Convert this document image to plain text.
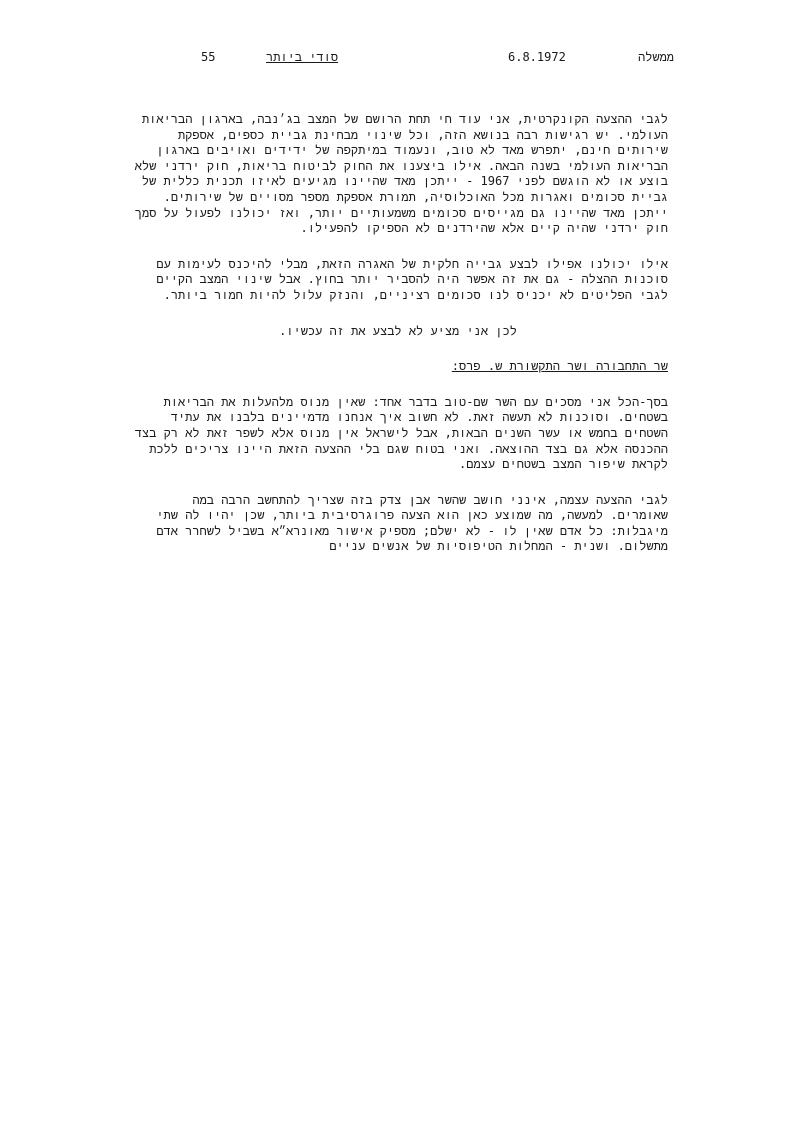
55	סודי ביותר	6.8.1972	ממשלה

לגבי ההצעה הקונקרטית, אני עוד חי תחת הרושם של המצב בג׳נבה, בארגון הבריאות העולמי. יש רגישות רבה בנושא הזה, וכל שינוי מבחינת גביית כספים, אספקת שירותים חינם, יתפרש מאד לא טוב, ונעמוד במיתקפה של ידידים ואויבים בארגון הבריאות העולמי בשנה הבאה. אילו ביצענו את החוק לביטוח בריאות, חוק ירדני שלא בוצע או לא הוגשם לפני 1967 - ייתכן מאד שהיינו מגיעים לאיזו תכנית כללית של גביית סכומים ואגרות מכל האוכלוסיה, תמורת אספקת מספר מסויים של שירותים. ייתכן מאד שהיינו גם מגייסים סכומים משמעותיים יותר, ואז יכולנו לפעול על סמך חוק ירדני שהיה קיים אלא שהירדנים לא הספיקו להפעילו.

אילו יכולנו אפילו לבצע גבייה חלקית של האגרה הזאת, מבלי להיכנס לעימות עם סוכנות ההצלה - גם את זה אפשר היה להסביר יותר בחוץ. אבל שינוי המצב הקיים לגבי הפליטים לא יכניס לנו סכומים רציניים, והנזק עלול להיות חמור ביותר.

לכן אני מציע לא לבצע את זה עכשיו.

שר התחבורה ושר התקשורת ש. פרס:

בסך-הכל אני מסכים עם השר שם-טוב בדבר אחד: שאין מנוס מלהעלות את הבריאות בשטחים. וסוכנות לא תעשה זאת. לא חשוב איך אנחנו מדמיינים בלבנו את עתיד השטחים בחמש או עשר השנים הבאות, אבל לישראל אין מנוס אלא לשפר זאת לא רק בצד ההכנסה אלא גם בצד ההוצאה. ואני בטוח שגם בלי ההצעה הזאת היינו צריכים ללכת לקראת שיפור המצב בשטחים עצמם.

לגבי ההצעה עצמה, אינני חושב שהשר אבן צדק בזה שצריך להתחשב הרבה במה שאומרים. למעשה, מה שמוצע כאן הוא הצעה פרוגרסיבית ביותר, שכן יהיו לה שתי מיגבלות: כל אדם שאין לו - לא ישלם; מספיק אישור מאונרא״א בשביל לשחרר אדם מתשלום. ושנית - המחלות הטיפוסיות של אנשים עניים
